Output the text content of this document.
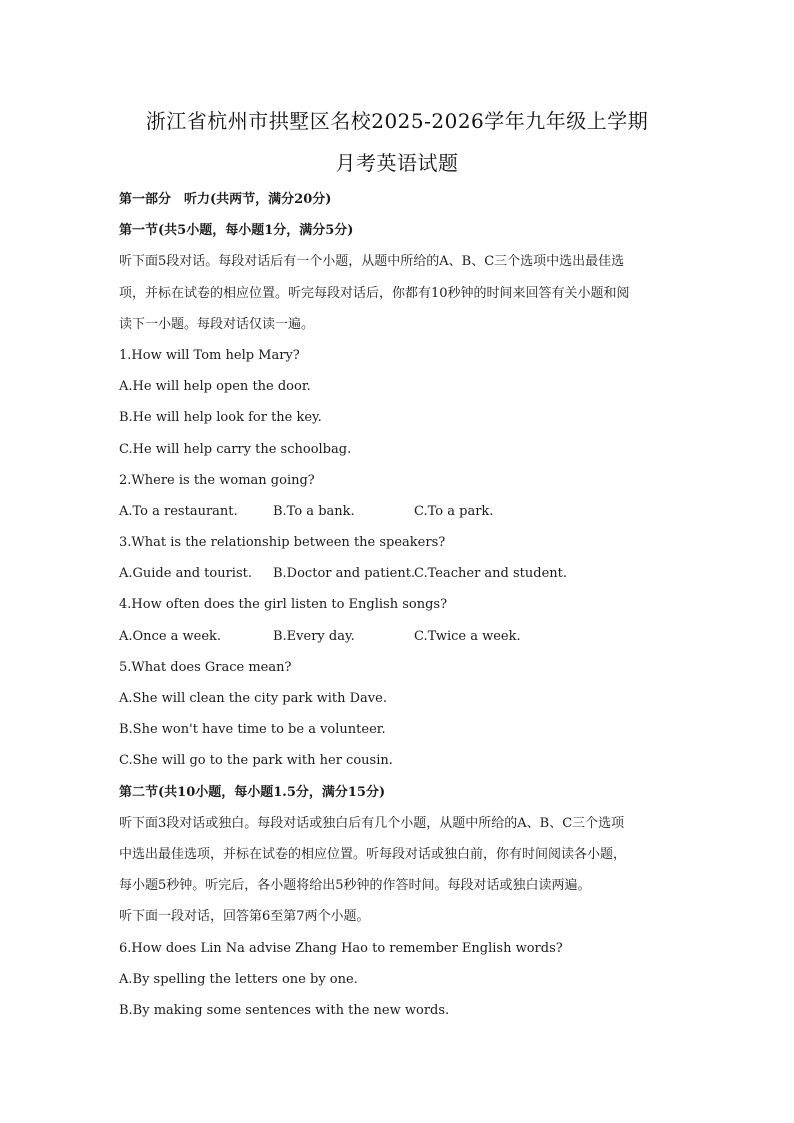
浙江省杭州市拱墅区名校2025-2026学年九年级上学期
月考英语试题
第一部分　听力(共两节，满分20分)
第一节(共5小题，每小题1分，满分5分)
听下面5段对话。每段对话后有一个小题，从题中所给的A、B、C三个选项中选出最佳选
项，并标在试卷的相应位置。听完每段对话后，你都有10秒钟的时间来回答有关小题和阅
读下一小题。每段对话仅读一遍。
1.How will Tom help Mary?
A.He will help open the door.
B.He will help look for the key.
C.He will help carry the schoolbag.
2.Where is the woman going?
A.To a restaurant.	B.To a bank.	C.To a park.
3.What is the relationship between the speakers?
A.Guide and tourist.	B.Doctor and patient.
C.Teacher and student.
4.How often does the girl listen to English songs?
A.Once a week.	B.Every day.	C.Twice a week.
5.What does Grace mean?
A.She will clean the city park with Dave.
B.She won't have time to be a volunteer.
C.She will go to the park with her cousin.
第二节(共10小题，每小题1.5分，满分15分)
听下面3段对话或独白。每段对话或独白后有几个小题，从题中所给的A、B、C三个选项
中选出最佳选项，并标在试卷的相应位置。听每段对话或独白前，你有时间阅读各小题，
每小题5秒钟。听完后，各小题将给出5秒钟的作答时间。每段对话或独白读两遍。
听下面一段对话，回答第6至第7两个小题。
6.How does Lin Na advise Zhang Hao to remember English words?
A.By spelling the letters one by one.
B.By making some sentences with the new words.
